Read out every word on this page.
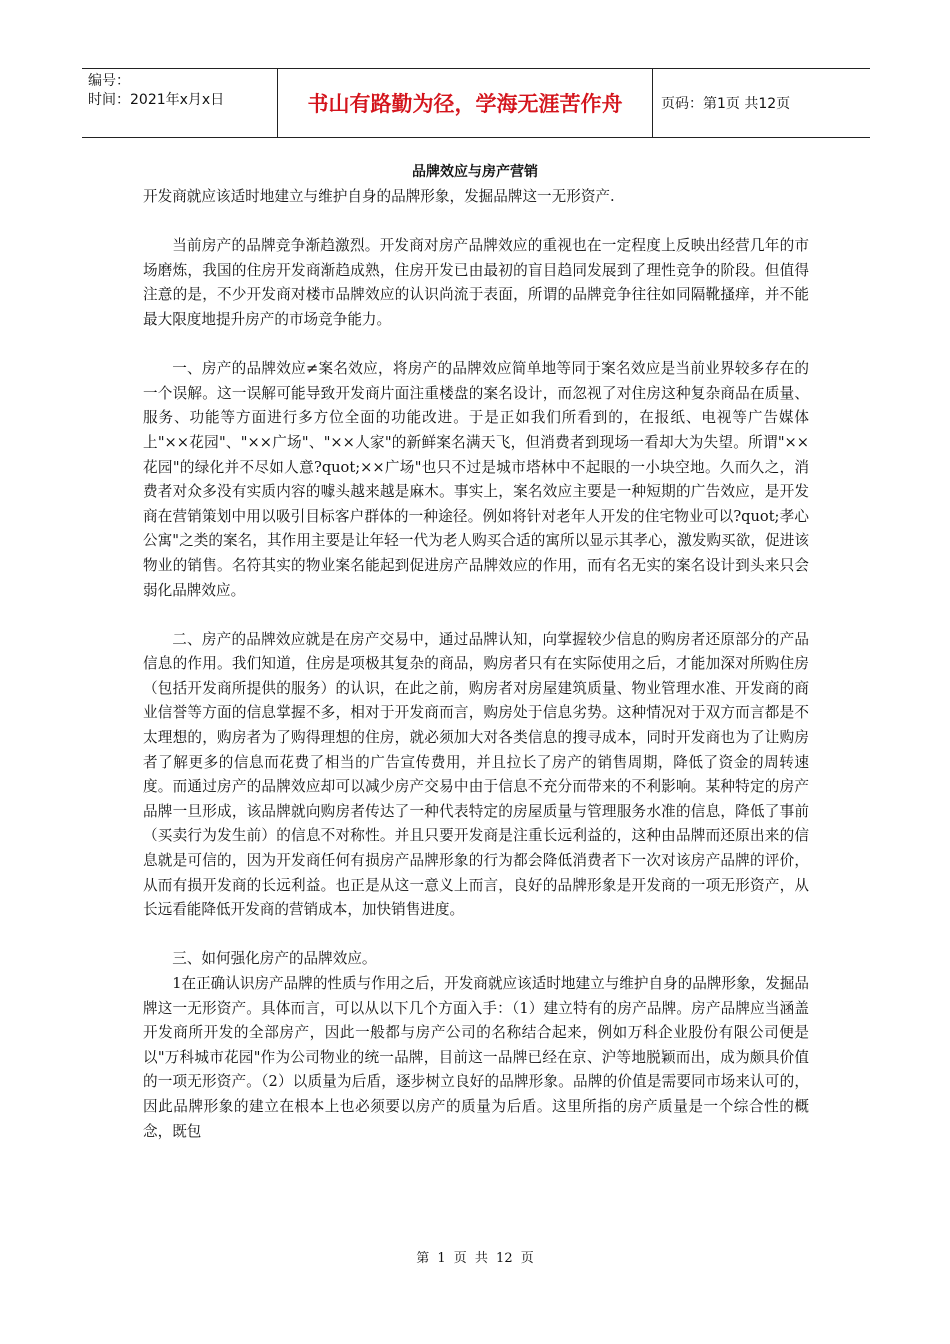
编号：
时间：2021年x月x日	书山有路勤为径，学海无涯苦作舟	页码：第1页 共12页
品牌效应与房产营销

开发商就应该适时地建立与维护自身的品牌形象，发掘品牌这一无形资产.

当前房产的品牌竞争渐趋激烈。开发商对房产品牌效应的重视也在一定程度上反映出经营几年的市场磨炼，我国的住房开发商渐趋成熟，住房开发已由最初的盲目趋同发展到了理性竞争的阶段。但值得注意的是，不少开发商对楼市品牌效应的认识尚流于表面，所谓的品牌竞争往往如同隔靴搔痒，并不能最大限度地提升房产的市场竞争能力。

一、房产的品牌效应≠案名效应，将房产的品牌效应简单地等同于案名效应是当前业界较多存在的一个误解。这一误解可能导致开发商片面注重楼盘的案名设计，而忽视了对住房这种复杂商品在质量、服务、功能等方面进行多方位全面的功能改进。于是正如我们所看到的，在报纸、电视等广告媒体上"××花园"、"××广场"、"××人家"的新鲜案名满天飞，但消费者到现场一看却大为失望。所谓"××花园"的绿化并不尽如人意?quot;××广场"也只不过是城市塔林中不起眼的一小块空地。久而久之，消费者对众多没有实质内容的噱头越来越是麻木。事实上，案名效应主要是一种短期的广告效应，是开发商在营销策划中用以吸引目标客户群体的一种途径。例如将针对老年人开发的住宅物业可以?quot;孝心公寓"之类的案名，其作用主要是让年轻一代为老人购买合适的寓所以显示其孝心，激发购买欲，促进该物业的销售。名符其实的物业案名能起到促进房产品牌效应的作用，而有名无实的案名设计到头来只会弱化品牌效应。

二、房产的品牌效应就是在房产交易中，通过品牌认知，向掌握较少信息的购房者还原部分的产品信息的作用。我们知道，住房是项极其复杂的商品，购房者只有在实际使用之后，才能加深对所购住房（包括开发商所提供的服务）的认识，在此之前，购房者对房屋建筑质量、物业管理水准、开发商的商业信誉等方面的信息掌握不多，相对于开发商而言，购房处于信息劣势。这种情况对于双方而言都是不太理想的，购房者为了购得理想的住房，就必须加大对各类信息的搜寻成本，同时开发商也为了让购房者了解更多的信息而花费了相当的广告宣传费用，并且拉长了房产的销售周期，降低了资金的周转速度。而通过房产的品牌效应却可以减少房产交易中由于信息不充分而带来的不利影响。某种特定的房产品牌一旦形成，该品牌就向购房者传达了一种代表特定的房屋质量与管理服务水准的信息，降低了事前（买卖行为发生前）的信息不对称性。并且只要开发商是注重长远利益的，这种由品牌而还原出来的信息就是可信的，因为开发商任何有损房产品牌形象的行为都会降低消费者下一次对该房产品牌的评价，从而有损开发商的长远利益。也正是从这一意义上而言，良好的品牌形象是开发商的一项无形资产，从长远看能降低开发商的营销成本，加快销售进度。

三、如何强化房产的品牌效应。

1在正确认识房产品牌的性质与作用之后，开发商就应该适时地建立与维护自身的品牌形象，发掘品牌这一无形资产。具体而言，可以从以下几个方面入手：（1）建立特有的房产品牌。房产品牌应当涵盖开发商所开发的全部房产，因此一般都与房产公司的名称结合起来，例如万科企业股份有限公司便是以"万科城市花园"作为公司物业的统一品牌，目前这一品牌已经在京、沪等地脱颖而出，成为颇具价值的一项无形资产。（2）以质量为后盾，逐步树立良好的品牌形象。品牌的价值是需要同市场来认可的，因此品牌形象的建立在根本上也必须要以房产的质量为后盾。这里所指的房产质量是一个综合性的概念，既包

第 1 页 共 12 页
